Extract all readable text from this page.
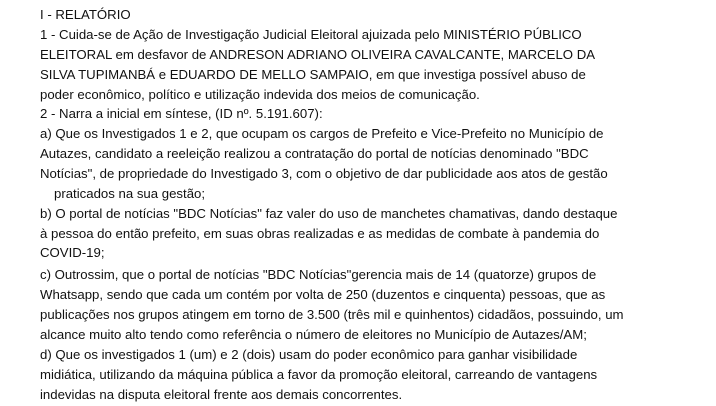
I - RELATÓRIO
1 - Cuida-se de Ação de Investigação Judicial Eleitoral ajuizada pelo MINISTÉRIO PÚBLICO
ELEITORAL em desfavor de ANDRESON ADRIANO OLIVEIRA CAVALCANTE, MARCELO DA
SILVA TUPIMANBÁ e EDUARDO DE MELLO SAMPAIO, em que investiga possível abuso de
poder econômico, político e utilização indevida dos meios de comunicação.
2 - Narra a inicial em síntese, (ID nº. 5.191.607):
a) Que os Investigados 1 e 2, que ocupam os cargos de Prefeito e Vice-Prefeito no Município de
Autazes, candidato a reeleição realizou a contratação do portal de notícias denominado "BDC
Notícias", de propriedade do Investigado 3, com o objetivo de dar publicidade aos atos de gestão
praticados na sua gestão;
b) O portal de notícias "BDC Notícias" faz valer do uso de manchetes chamativas, dando destaque
à pessoa do então prefeito, em suas obras realizadas e as medidas de combate à pandemia do
COVID-19;
c) Outrossim, que o portal de notícias "BDC Notícias"gerencia mais de 14 (quatorze) grupos de
Whatsapp, sendo que cada um contém por volta de 250 (duzentos e cinquenta) pessoas, que as
publicações nos grupos atingem em torno de 3.500 (três mil e quinhentos) cidadãos, possuindo, um
alcance muito alto tendo como referência o número de eleitores no Município de Autazes/AM;
d) Que os investigados 1 (um) e 2 (dois) usam do poder econômico para ganhar visibilidade
midiática, utilizando da máquina pública a favor da promoção eleitoral, carreando de vantagens
indevidas na disputa eleitoral frente aos demais concorrentes.
